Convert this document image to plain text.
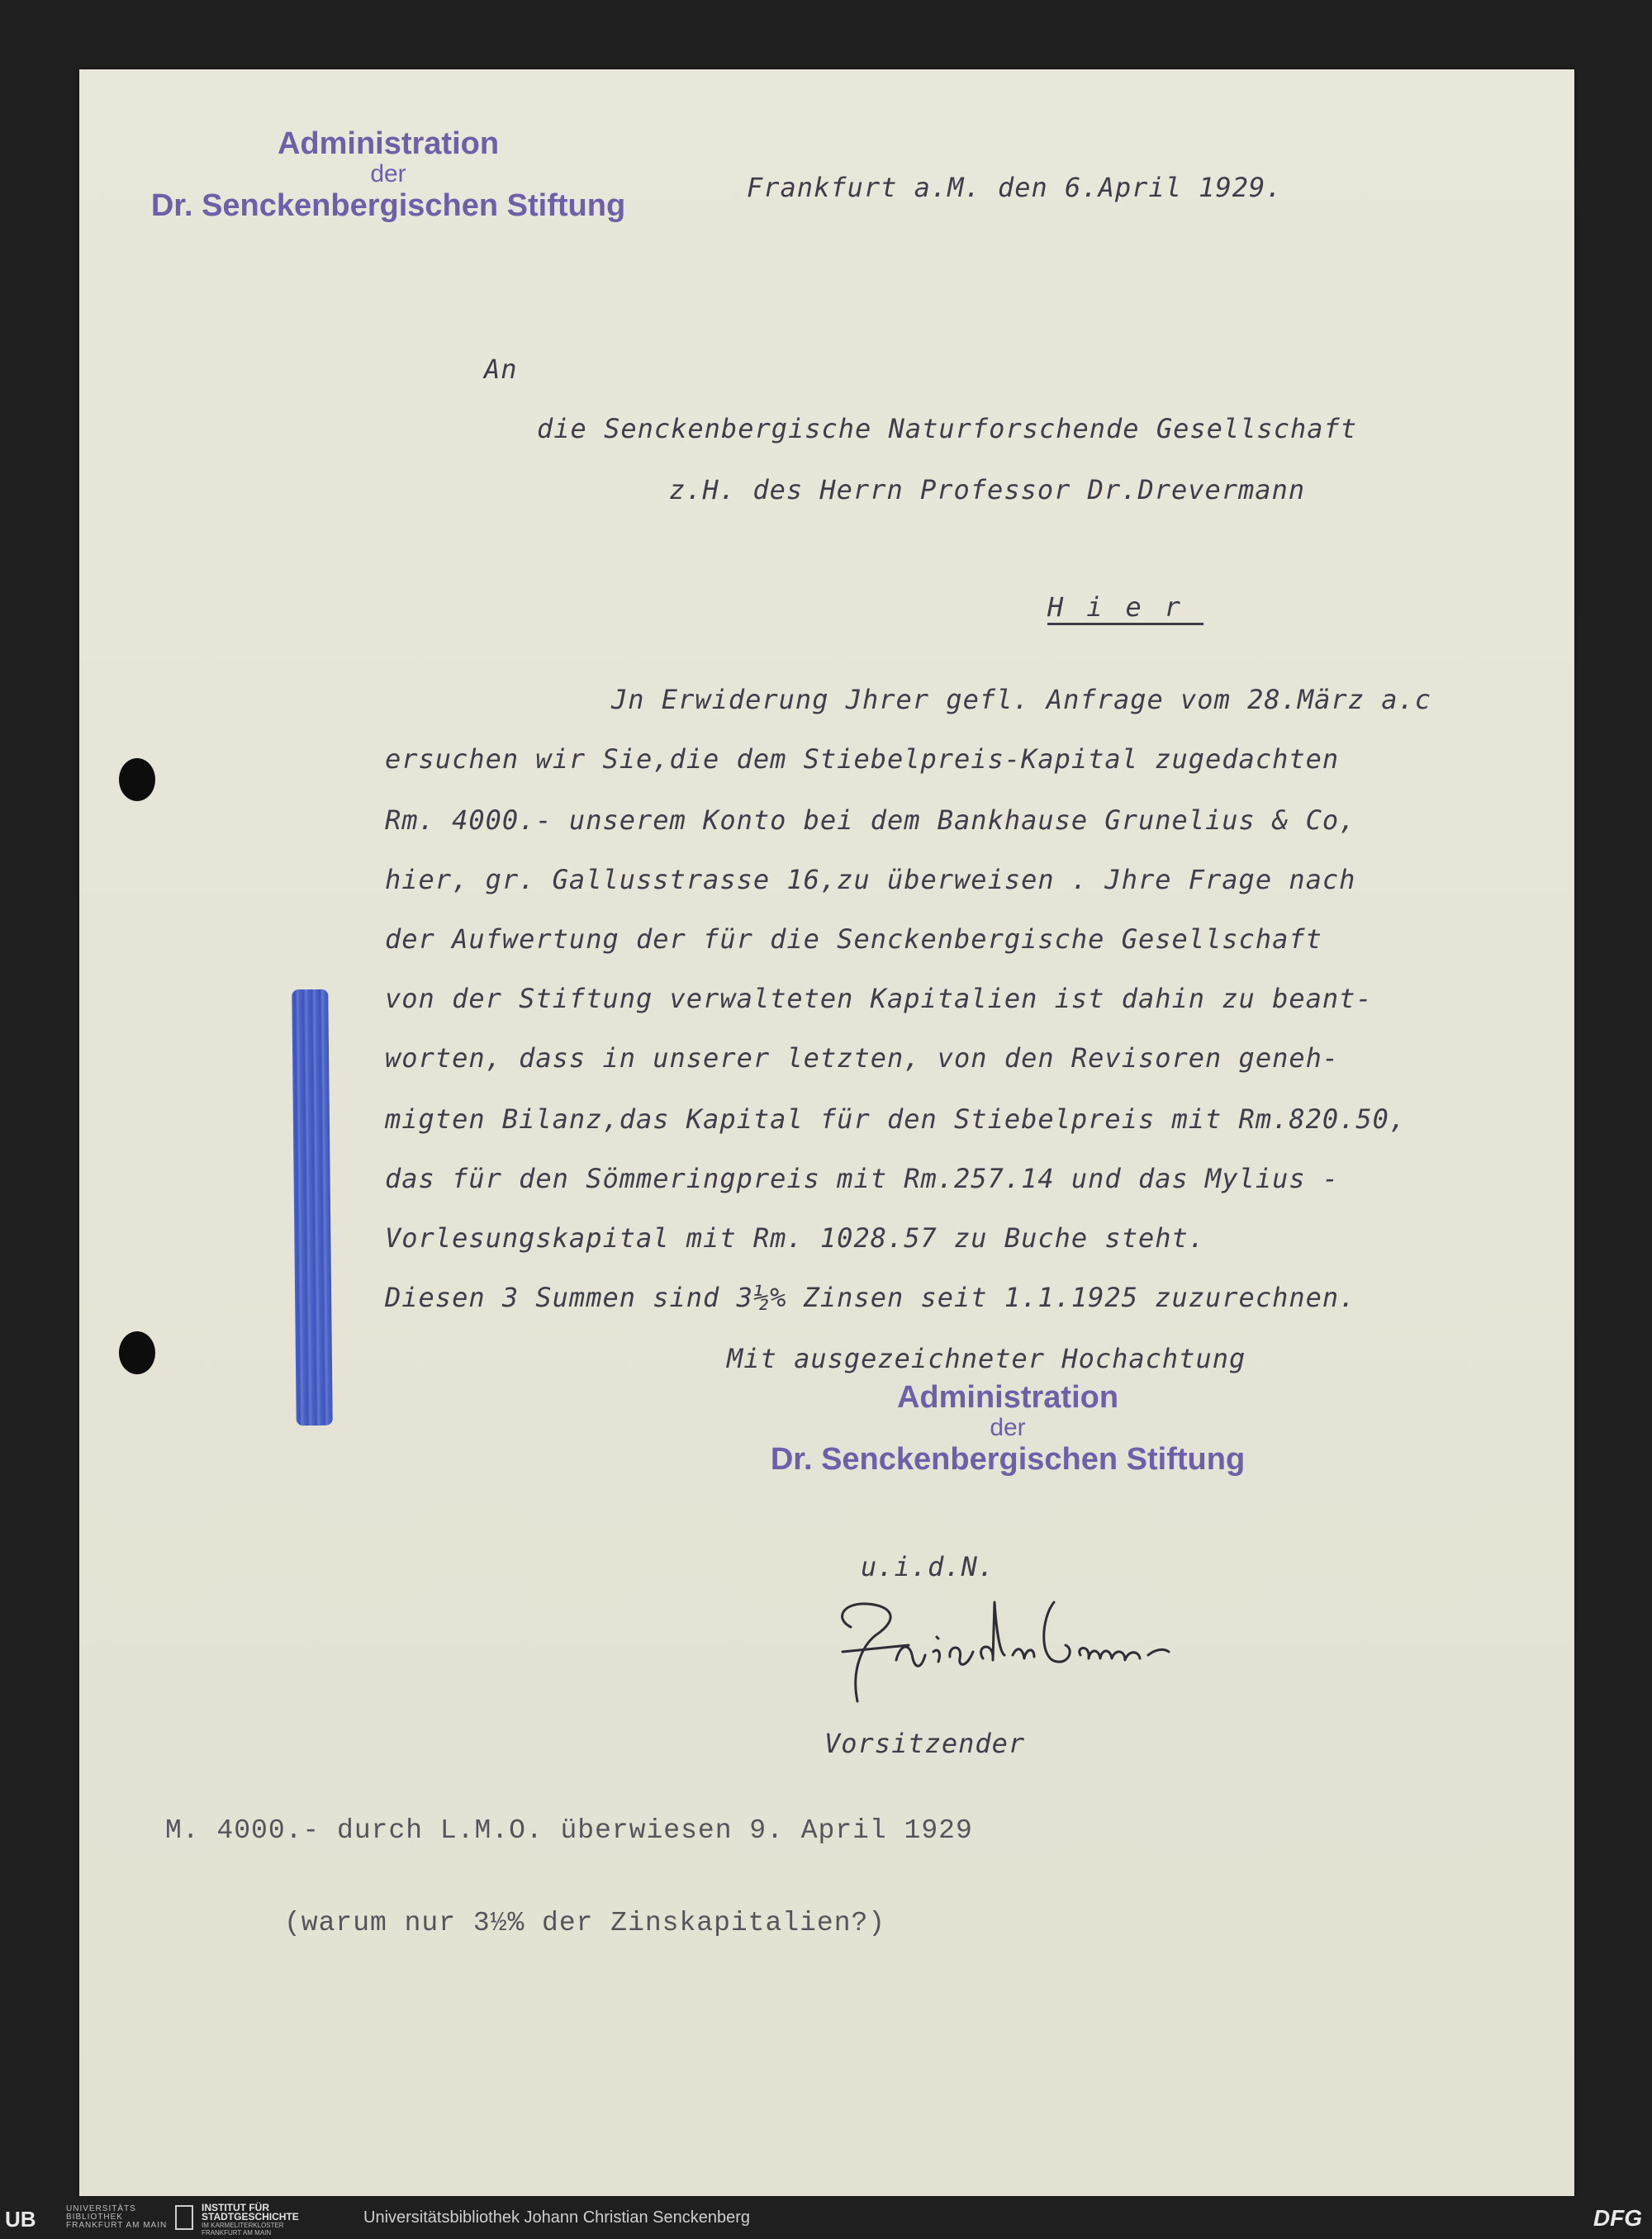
Administration
der
Dr. Senckenbergischen Stiftung
Frankfurt a.M. den 6.April 1929.
An
die Senckenbergische Naturforschende Gesellschaft
z.H. des Herrn Professor Dr.Drevermann
Hier
Jn Erwiderung Jhrer gefl. Anfrage vom 28.März a.c
ersuchen wir Sie,die dem Stiebelpreis-Kapital zugedachten
Rm. 4000.- unserem Konto bei dem Bankhause Grunelius & Co,
hier, gr. Gallusstrasse 16,zu überweisen . Jhre Frage nach
der Aufwertung der für die Senckenbergische Gesellschaft
von der Stiftung verwalteten Kapitalien ist dahin zu beant-
worten, dass in unserer letzten, von den Revisoren geneh-
migten Bilanz,das Kapital für den Stiebelpreis mit Rm.820.50,
das für den Sömmeringpreis mit Rm.257.14 und das Mylius -
Vorlesungskapital mit Rm. 1028.57 zu Buche steht.
Diesen 3 Summen sind 3½% Zinsen seit 1.1.1925 zuzurechnen.
Mit ausgezeichneter Hochachtung
Administration
der
Dr. Senckenbergischen Stiftung
u.i.d.N.
Vorsitzender
M. 4000.- durch L.M.O. überwiesen 9. April 1929
(warum nur 3½% der Zinskapitalien?)
UB	UNIVERSITÄTS
BIBLIOTHEK
FRANKFURT AM MAIN
INSTITUT FÜR
STADTGESCHICHTE
IM KARMELITERKLOSTER
FRANKFURT AM MAIN
Universitätsbibliothek Johann Christian Senckenberg	DFG
